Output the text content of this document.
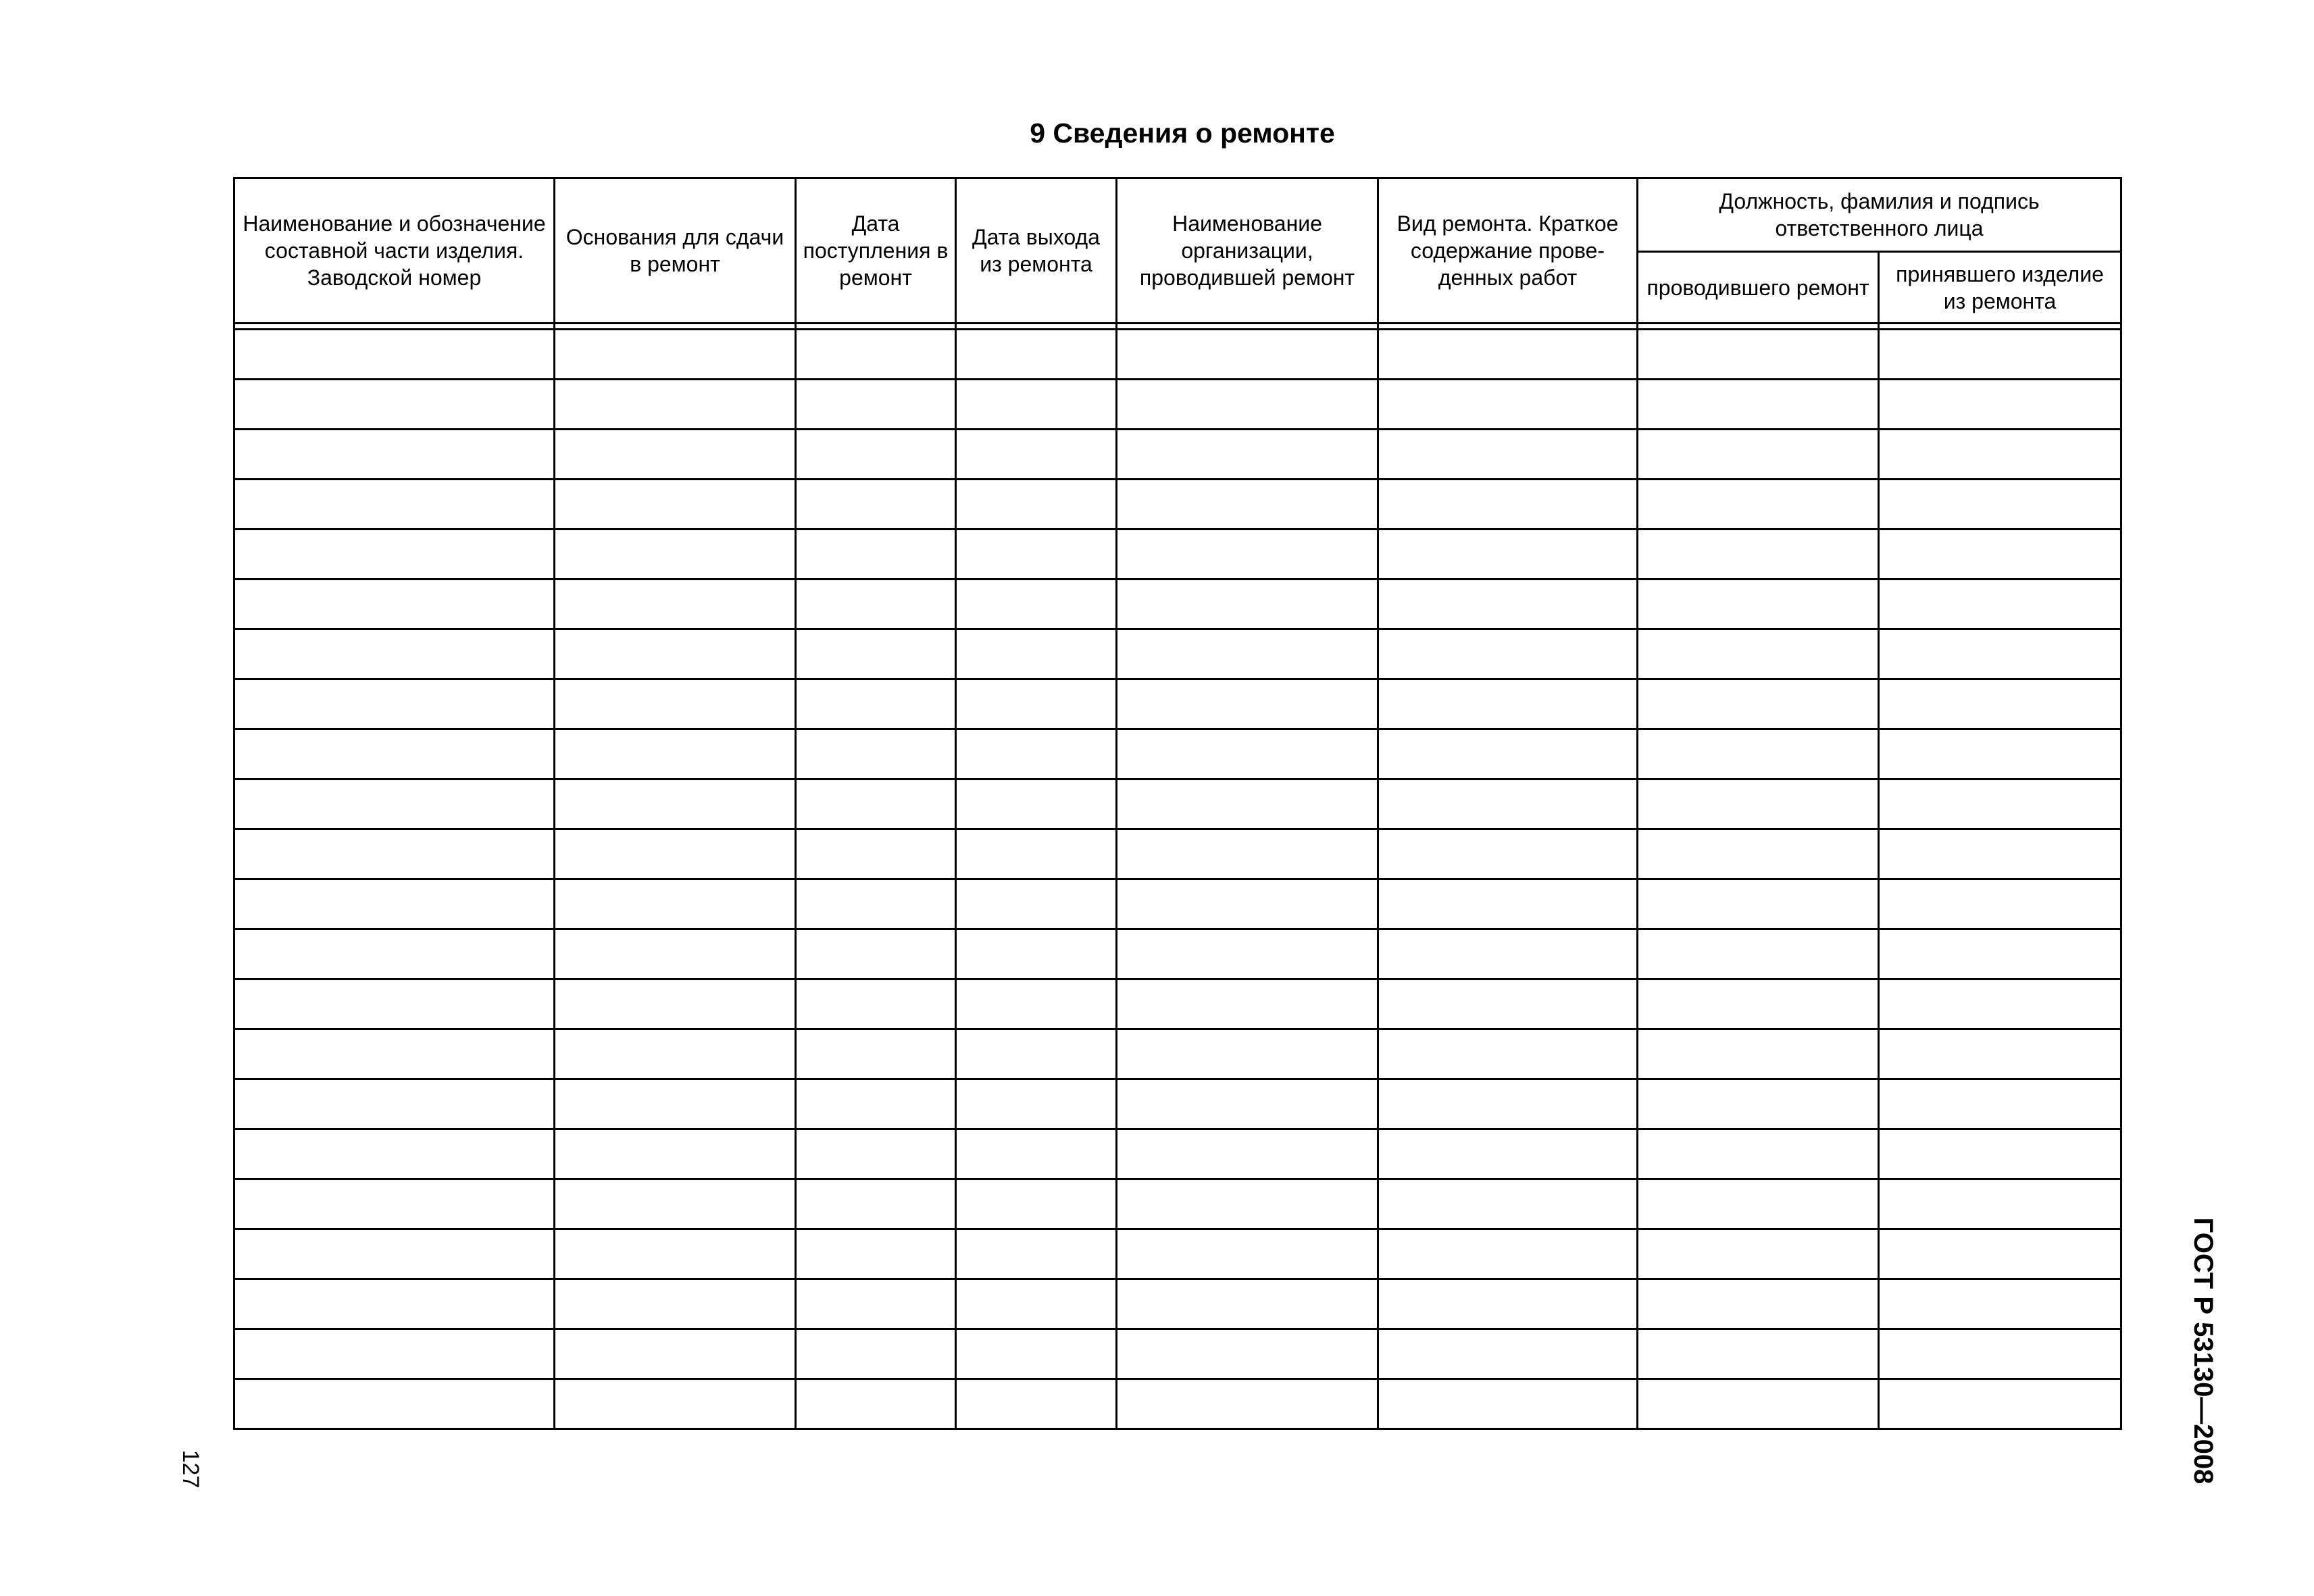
9 Сведения о ремонте
Наименование и обозначение составной части изделия. Заводской номер	Основания для сдачи в ремонт	Дата поступления в ремонт	Дата выхода из ремонта	Наименование организации, проводившей ремонт	Вид ремонта. Краткое содержание прове-денных работ	Должность, фамилия и подпись ответственного лица	
						проводившего ремонт	принявшего изделие из ремонта

ГОСТ Р 53130—2008
127
